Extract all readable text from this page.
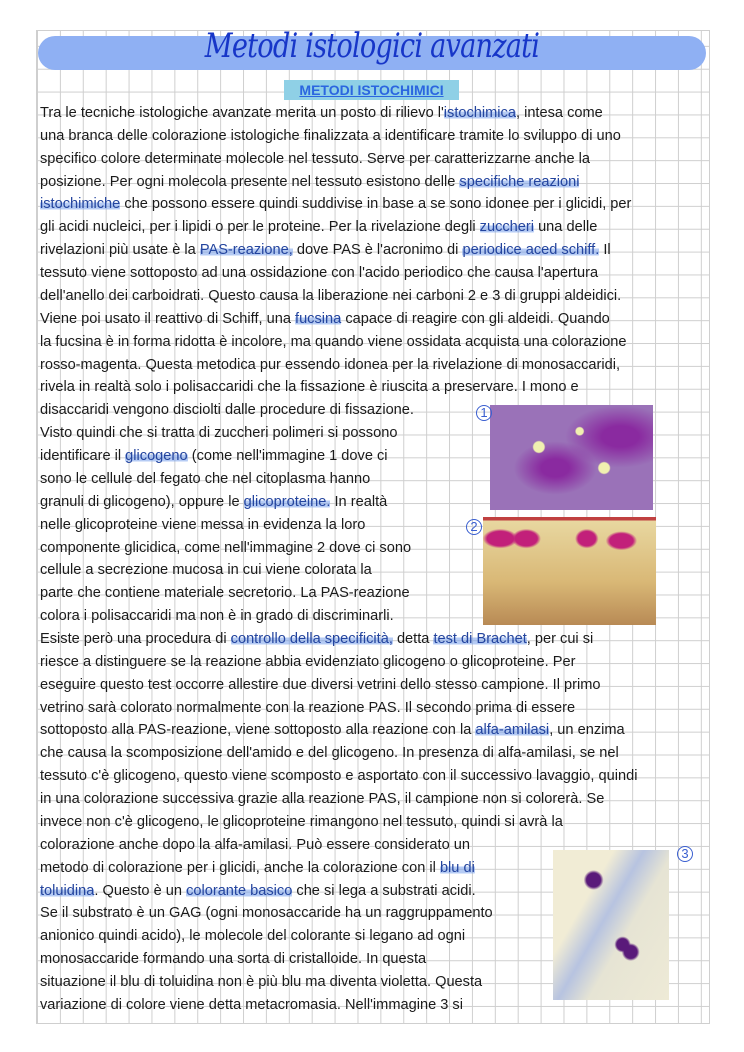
Metodi istologici avanzati
METODI ISTOCHIMICI
1
2
3
Tra le tecniche istologiche avanzate merita un posto di rilievo l'istochimica, intesa come
una branca delle colorazione istologiche finalizzata a identificare tramite lo sviluppo di uno
specifico colore determinate molecole nel tessuto. Serve per caratterizzarne anche la
posizione. Per ogni molecola presente nel tessuto esistono delle specifiche reazioni
istochimiche che possono essere quindi suddivise in base a se sono idonee per i glicidi, per
gli acidi nucleici, per i lipidi o per le proteine. Per la rivelazione degli zuccheri una delle
rivelazioni più usate è la PAS-reazione, dove PAS è l'acronimo di periodice aced schiff. Il
tessuto viene sottoposto ad una ossidazione con l'acido periodico che causa l'apertura
dell'anello dei carboidrati. Questo causa la liberazione nei carboni 2 e 3 di gruppi aldeidici.
Viene poi usato il reattivo di Schiff, una fucsina capace di reagire con gli aldeidi. Quando
la fucsina è in forma ridotta è incolore, ma quando viene ossidata acquista una colorazione
rosso-magenta. Questa metodica pur essendo idonea per la rivelazione di monosaccaridi,
rivela in realtà solo i polisaccaridi che la fissazione è riuscita a preservare. I mono e
disaccaridi vengono disciolti dalle procedure di fissazione.
Visto quindi che si tratta di zuccheri polimeri si possono
identificare il glicogeno (come nell'immagine 1 dove ci
sono le cellule del fegato che nel citoplasma hanno
granuli di glicogeno), oppure le glicoproteine. In realtà
nelle glicoproteine viene messa in evidenza la loro
componente glicidica, come nell'immagine 2 dove ci sono
cellule a secrezione mucosa in cui viene colorata la
parte che contiene materiale secretorio. La PAS-reazione
colora i polisaccaridi ma non è in grado di discriminarli.
Esiste però una procedura di controllo della specificità, detta test di Brachet, per cui si
riesce a distinguere se la reazione abbia evidenziato glicogeno o glicoproteine. Per
eseguire questo test occorre allestire due diversi vetrini dello stesso campione. Il primo
vetrino sarà colorato normalmente con la reazione PAS. Il secondo prima di essere
sottoposto alla PAS-reazione, viene sottoposto alla reazione con la alfa-amilasi, un enzima
che causa la scomposizione dell'amido e del glicogeno. In presenza di alfa-amilasi, se nel
tessuto c'è glicogeno, questo viene scomposto e asportato con il successivo lavaggio, quindi
in una colorazione successiva grazie alla reazione PAS, il campione non si colorerà. Se
invece non c'è glicogeno, le glicoproteine rimangono nel tessuto, quindi si avrà la
colorazione anche dopo la alfa-amilasi. Può essere considerato un
metodo di colorazione per i glicidi, anche la colorazione con il blu di
toluidina. Questo è un colorante basico che si lega a substrati acidi.
Se il substrato è un GAG (ogni monosaccaride ha un raggruppamento
anionico quindi acido), le molecole del colorante si legano ad ogni
monosaccaride formando una sorta di cristalloide. In questa
situazione il blu di toluidina non è più blu ma diventa violetta. Questa
variazione di colore viene detta metacromasia. Nell'immagine 3 si
